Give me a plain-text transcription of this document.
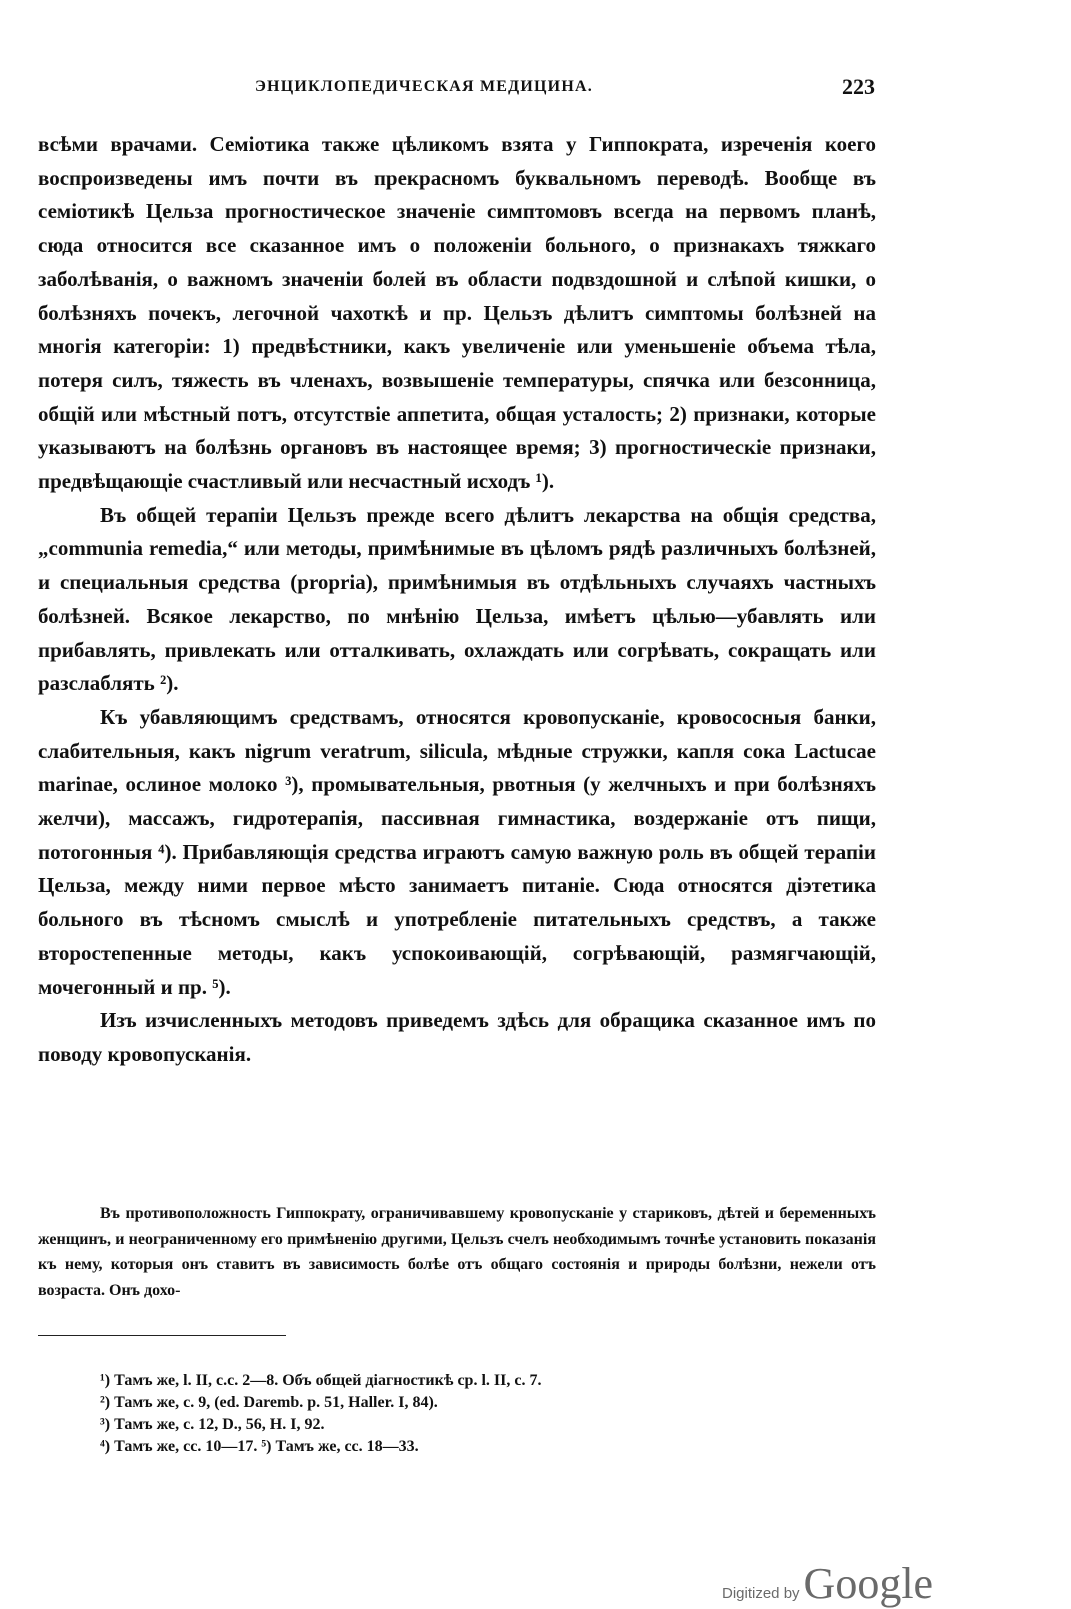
ЭНЦИКЛОПЕДИЧЕСКАЯ МЕДИЦИНА.	223

всѣми врачами. Семіотика также цѣликомъ взята у Гиппократа, изреченія коего воспроизведены имъ почти въ прекрасномъ буквальномъ переводѣ. Вообще въ семіотикѣ Цельза прогностическое значеніе симптомовъ всегда на первомъ планѣ, сюда относится все сказанное имъ о положеніи больного, о признакахъ тяжкаго заболѣванія, о важномъ значеніи болей въ области подвздошной и слѣпой кишки, о болѣзняхъ почекъ, легочной чахоткѣ и пр. Цельзъ дѣлитъ симптомы болѣзней на многія категоріи: 1) предвѣстники, какъ увеличеніе или уменьшеніе объема тѣла, потеря силъ, тяжесть въ членахъ, возвышеніе температуры, спячка или безсонница, общій или мѣстный потъ, отсутствіе аппетита, общая усталость; 2) признаки, которые указываютъ на болѣзнь органовъ въ настоящее время; 3) прогностическіе признаки, предвѣщающіе счастливый или несчастный исходъ ¹).

Въ общей терапіи Цельзъ прежде всего дѣлитъ лекарства на общія средства, „communia remedia,“ или методы, примѣнимые въ цѣломъ рядѣ различныхъ болѣзней, и специальныя средства (propria), примѣнимыя въ отдѣльныхъ случаяхъ частныхъ болѣзней. Всякое лекарство, по мнѣнію Цельза, имѣетъ цѣлью—убавлять или прибавлять, привлекать или отталкивать, охлаждать или согрѣвать, сокращать или разслаблять ²).

Къ убавляющимъ средствамъ, относятся кровопусканіе, кровососныя банки, слабительныя, какъ nigrum veratrum, silicula, мѣдные стружки, капля сока Lactucae marinae, ослиное молоко ³), промывательныя, рвотныя (у желчныхъ и при болѣзняхъ желчи), массажъ, гидротерапія, пассивная гимнастика, воздержаніе отъ пищи, потогонныя ⁴). Прибавляющія средства играютъ самую важную роль въ общей терапіи Цельза, между ними первое мѣсто занимаетъ питаніе. Сюда относятся діэтетика больного въ тѣсномъ смыслѣ и употребленіе питательныхъ средствъ, а также второстепенные методы, какъ успокоивающій, согрѣвающій, размягчающій, мочегонный и пр. ⁵).

Изъ изчисленныхъ методовъ приведемъ здѣсь для обращика сказанное имъ по поводу кровопусканія.

Въ противоположность Гиппократу, ограничивавшему кровопусканіе у стариковъ, дѣтей и беременныхъ женщинъ, и неограниченному его примѣненію другими, Цельзъ счелъ необходимымъ точнѣе установить показанія къ нему, которыя онъ ставитъ въ зависимость болѣе отъ общаго состоянія и природы болѣзни, нежели отъ возраста. Онъ дохо-

¹) Тамъ же, l. II, c.c. 2—8. Объ общей діагностикѣ ср. l. II, c. 7.
²) Тамъ же, c. 9, (ed. Daremb. p. 51, Haller. I, 84).
³) Тамъ же, c. 12, D., 56, H. I, 92.
⁴) Тамъ же, cc. 10—17. ⁵) Тамъ же, cc. 18—33.
Digitized by Google
